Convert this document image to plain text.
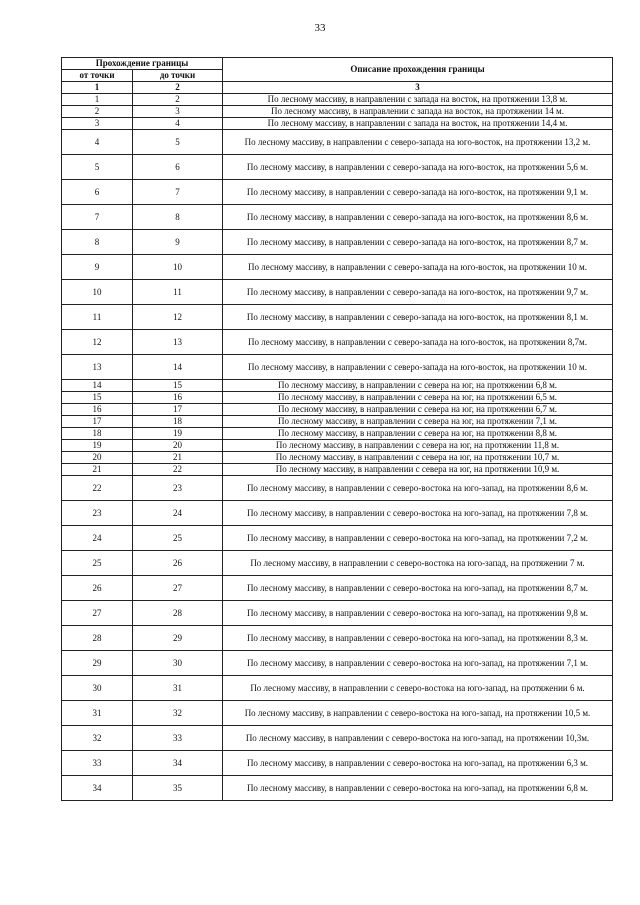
33
Прохождение границы		Описание прохождения границы
от точки	до точки	
1	2	3
1	2	По лесному массиву, в направлении с запада на восток, на протяжении 13,8 м.
2	3	По лесному массиву, в направлении с запада на восток, на протяжении 14 м.
3	4	По лесному массиву, в направлении с запада на восток, на протяжении 14,4 м.
4	5	По лесному массиву, в направлении с северо-запада на юго-восток, на протяжении 13,2 м.
5	6	По лесному массиву, в направлении с северо-запада на юго-восток, на протяжении 5,6 м.
6	7	По лесному массиву, в направлении с северо-запада на юго-восток, на протяжении 9,1 м.
7	8	По лесному массиву, в направлении с северо-запада на юго-восток, на протяжении 8,6 м.
8	9	По лесному массиву, в направлении с северо-запада на юго-восток, на протяжении 8,7 м.
9	10	По лесному массиву, в направлении с северо-запада на юго-восток, на протяжении 10 м.
10	11	По лесному массиву, в направлении с северо-запада на юго-восток, на протяжении 9,7 м.
11	12	По лесному массиву, в направлении с северо-запада на юго-восток, на протяжении 8,1 м.
12	13	По лесному массиву, в направлении с северо-запада на юго-восток, на протяжении 8,7м.
13	14	По лесному массиву, в направлении с северо-запада на юго-восток, на протяжении 10 м.
14	15	По лесному массиву, в направлении с севера на юг, на протяжении 6,8 м.
15	16	По лесному массиву, в направлении с севера на юг, на протяжении 6,5 м.
16	17	По лесному массиву, в направлении с севера на юг, на протяжении 6,7 м.
17	18	По лесному массиву, в направлении с севера на юг, на протяжении 7,1 м.
18	19	По лесному массиву, в направлении с севера на юг, на протяжении 8,8 м.
19	20	По лесному массиву, в направлении с севера на юг, на протяжении 11,8 м.
20	21	По лесному массиву, в направлении с севера на юг, на протяжении 10,7 м.
21	22	По лесному массиву, в направлении с севера на юг, на протяжении 10,9 м.
22	23	По лесному массиву, в направлении с северо-востока на юго-запад, на протяжении 8,6 м.
23	24	По лесному массиву, в направлении с северо-востока на юго-запад, на протяжении 7,8 м.
24	25	По лесному массиву, в направлении с северо-востока на юго-запад, на протяжении 7,2 м.
25	26	По лесному массиву, в направлении с северо-востока на юго-запад, на протяжении 7 м.
26	27	По лесному массиву, в направлении с северо-востока на юго-запад, на протяжении 8,7 м.
27	28	По лесному массиву, в направлении с северо-востока на юго-запад, на протяжении 9,8 м.
28	29	По лесному массиву, в направлении с северо-востока на юго-запад, на протяжении 8,3 м.
29	30	По лесному массиву, в направлении с северо-востока на юго-запад, на протяжении 7,1 м.
30	31	По лесному массиву, в направлении с северо-востока на юго-запад, на протяжении 6 м.
31	32	По лесному массиву, в направлении с северо-востока на юго-запад, на протяжении 10,5 м.
32	33	По лесному массиву, в направлении с северо-востока на юго-запад, на протяжении 10,3м.
33	34	По лесному массиву, в направлении с северо-востока на юго-запад, на протяжении 6,3 м.
34	35	По лесному массиву, в направлении с северо-востока на юго-запад, на протяжении 6,8 м.
